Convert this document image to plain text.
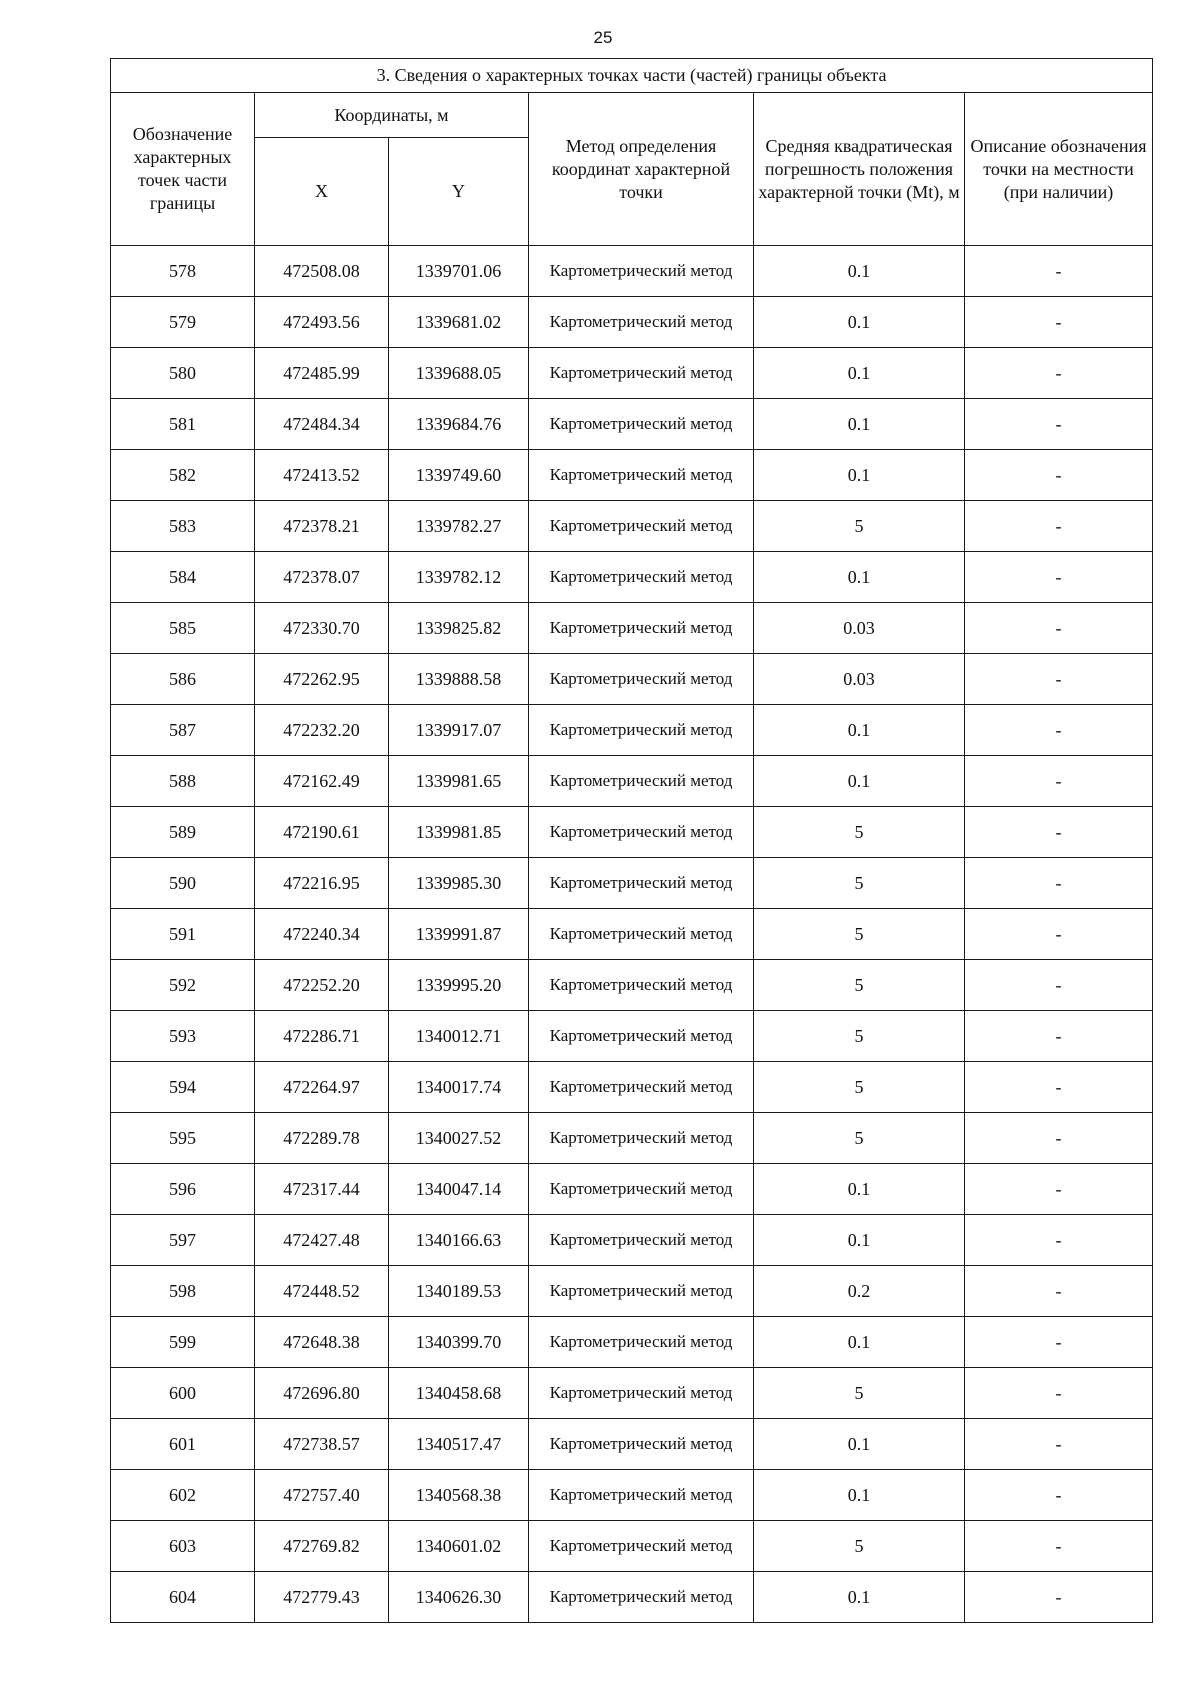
25
3. Сведения о характерных точках части (частей) границы объекта					
Обозначение характерных точек части границы	Координаты, м		Метод определения координат характерной точки	Средняя квадратическая погрешность положения характерной точки (Mt), м	Описание обозначения точки на местности (при наличии)
	X	Y			
578	472508.08	1339701.06	Картометрический метод	0.1	-
579	472493.56	1339681.02	Картометрический метод	0.1	-
580	472485.99	1339688.05	Картометрический метод	0.1	-
581	472484.34	1339684.76	Картометрический метод	0.1	-
582	472413.52	1339749.60	Картометрический метод	0.1	-
583	472378.21	1339782.27	Картометрический метод	5	-
584	472378.07	1339782.12	Картометрический метод	0.1	-
585	472330.70	1339825.82	Картометрический метод	0.03	-
586	472262.95	1339888.58	Картометрический метод	0.03	-
587	472232.20	1339917.07	Картометрический метод	0.1	-
588	472162.49	1339981.65	Картометрический метод	0.1	-
589	472190.61	1339981.85	Картометрический метод	5	-
590	472216.95	1339985.30	Картометрический метод	5	-
591	472240.34	1339991.87	Картометрический метод	5	-
592	472252.20	1339995.20	Картометрический метод	5	-
593	472286.71	1340012.71	Картометрический метод	5	-
594	472264.97	1340017.74	Картометрический метод	5	-
595	472289.78	1340027.52	Картометрический метод	5	-
596	472317.44	1340047.14	Картометрический метод	0.1	-
597	472427.48	1340166.63	Картометрический метод	0.1	-
598	472448.52	1340189.53	Картометрический метод	0.2	-
599	472648.38	1340399.70	Картометрический метод	0.1	-
600	472696.80	1340458.68	Картометрический метод	5	-
601	472738.57	1340517.47	Картометрический метод	0.1	-
602	472757.40	1340568.38	Картометрический метод	0.1	-
603	472769.82	1340601.02	Картометрический метод	5	-
604	472779.43	1340626.30	Картометрический метод	0.1	-
